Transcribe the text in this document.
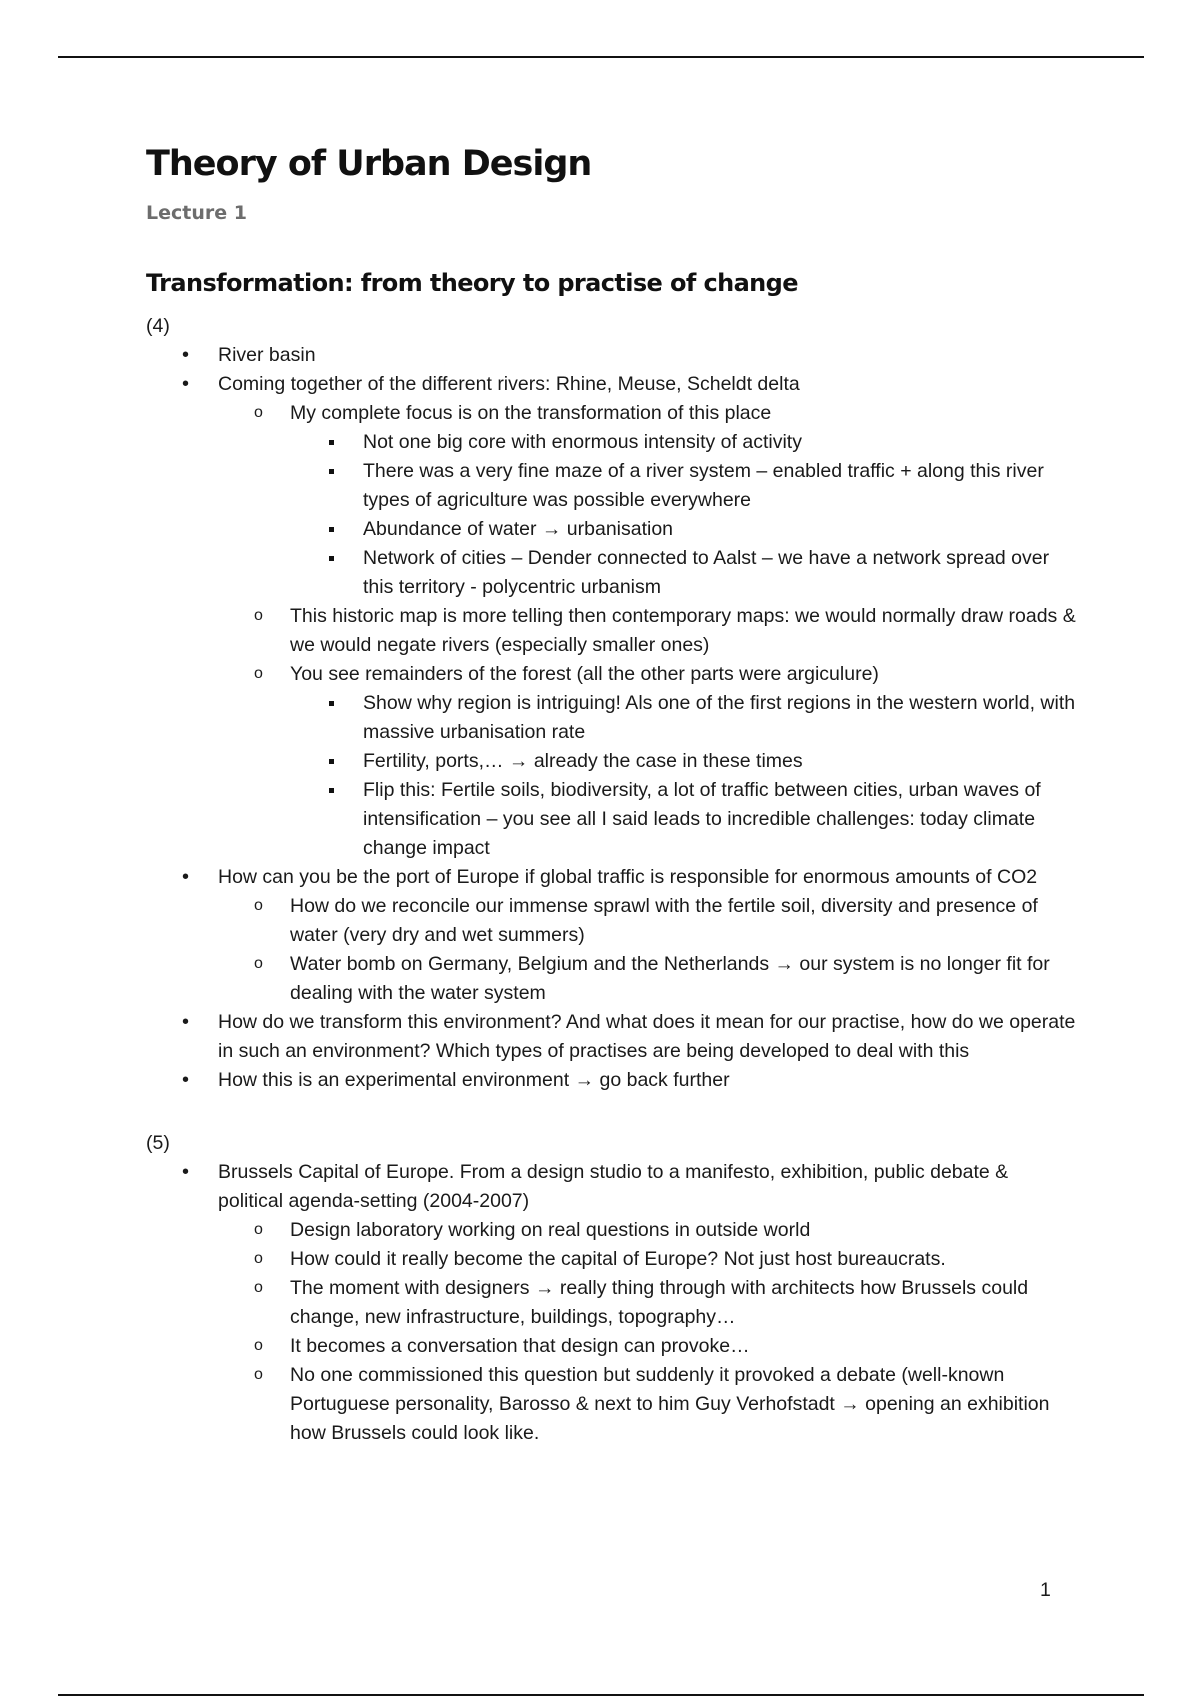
Theory of Urban Design
Lecture 1
Transformation: from theory to practise of change
(4)
• River basin
• Coming together of the different rivers: Rhine, Meuse, Scheldt delta
o My complete focus is on the transformation of this place
Not one big core with enormous intensity of activity
There was a very fine maze of a river system – enabled traffic + along this river types of agriculture was possible everywhere
Abundance of water → urbanisation
Network of cities – Dender connected to Aalst – we have a network spread over this territory - polycentric urbanism
o This historic map is more telling then contemporary maps: we would normally draw roads & we would negate rivers (especially smaller ones)
o You see remainders of the forest (all the other parts were argiculure)
Show why region is intriguing! Als one of the first regions in the western world, with massive urbanisation rate
Fertility, ports,… → already the case in these times
Flip this: Fertile soils, biodiversity, a lot of traffic between cities, urban waves of intensification – you see all I said leads to incredible challenges: today climate change impact
• How can you be the port of Europe if global traffic is responsible for enormous amounts of CO2
o How do we reconcile our immense sprawl with the fertile soil, diversity and presence of water (very dry and wet summers)
o Water bomb on Germany, Belgium and the Netherlands → our system is no longer fit for dealing with the water system
• How do we transform this environment? And what does it mean for our practise, how do we operate in such an environment? Which types of practises are being developed to deal with this
• How this is an experimental environment → go back further
(5)
• Brussels Capital of Europe. From a design studio to a manifesto, exhibition, public debate & political agenda-setting (2004-2007)
o Design laboratory working on real questions in outside world
o How could it really become the capital of Europe? Not just host bureaucrats.
o The moment with designers → really thing through with architects how Brussels could change, new infrastructure, buildings, topography…
o It becomes a conversation that design can provoke…
o No one commissioned this question but suddenly it provoked a debate (well-known Portuguese personality, Barosso & next to him Guy Verhofstadt → opening an exhibition how Brussels could look like.
1
